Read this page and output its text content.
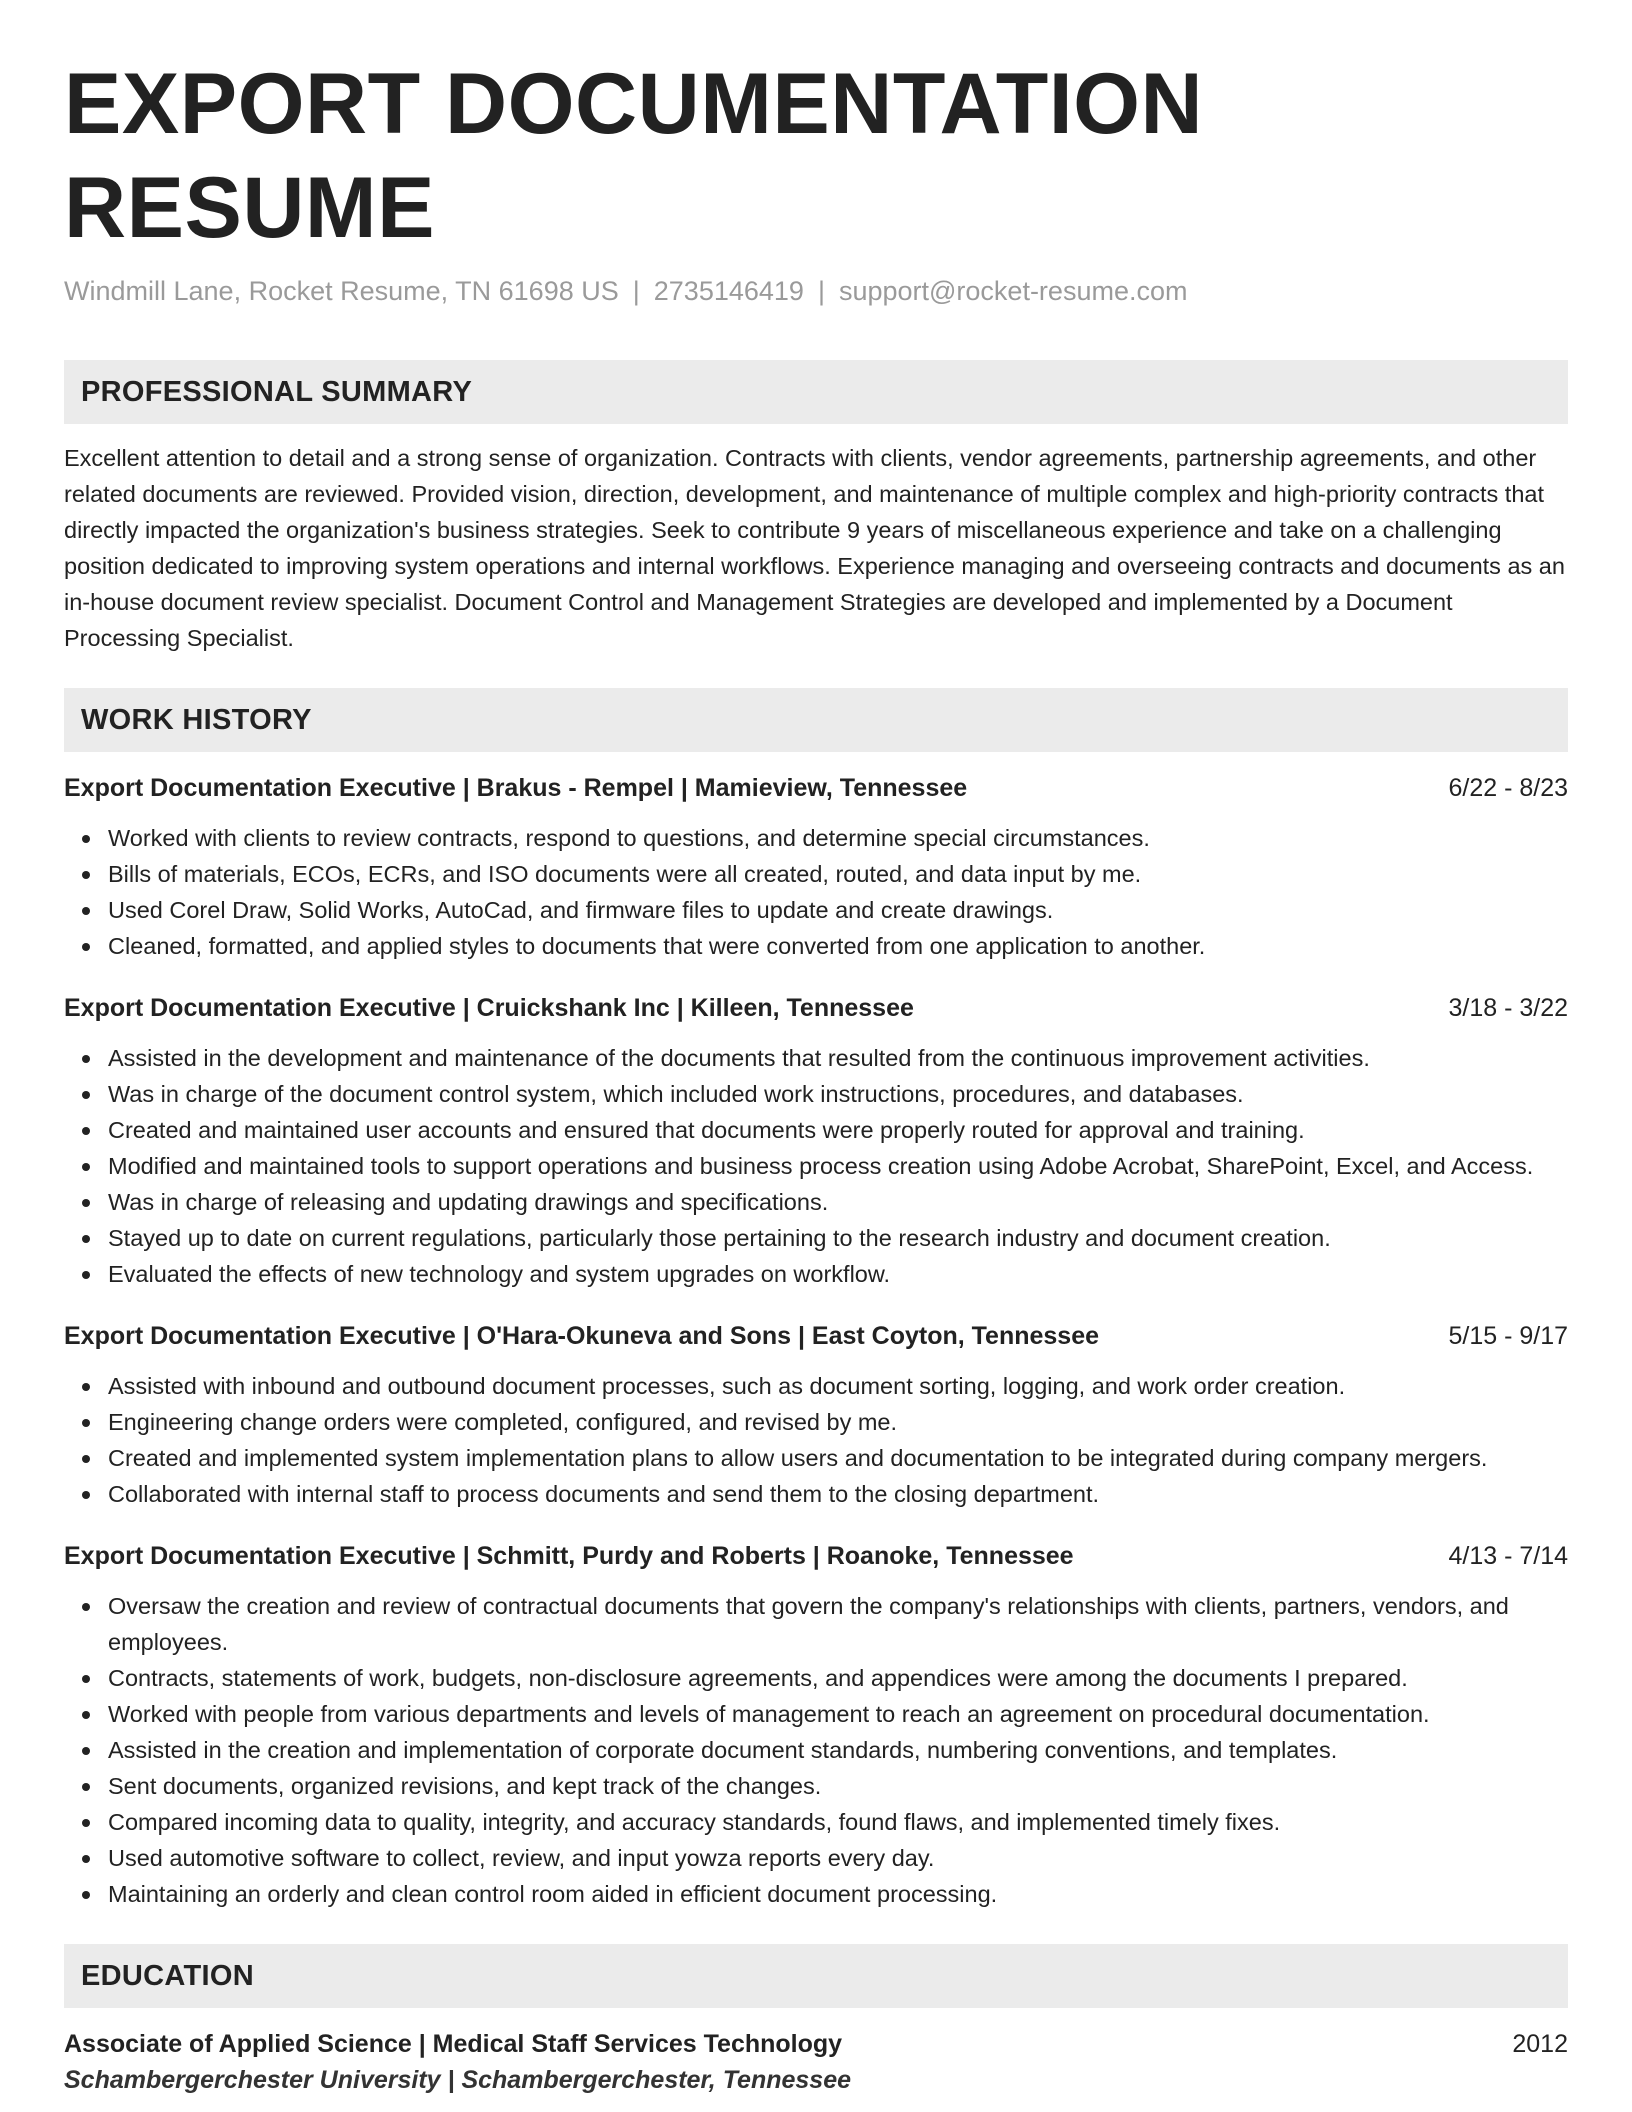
EXPORT DOCUMENTATION RESUME
Windmill Lane, Rocket Resume, TN 61698 US | 2735146419 | support@rocket-resume.com
PROFESSIONAL SUMMARY

Excellent attention to detail and a strong sense of organization. Contracts with clients, vendor agreements, partnership agreements, and other related documents are reviewed. Provided vision, direction, development, and maintenance of multiple complex and high-priority contracts that directly impacted the organization's business strategies. Seek to contribute 9 years of miscellaneous experience and take on a challenging position dedicated to improving system operations and internal workflows. Experience managing and overseeing contracts and documents as an in-house document review specialist. Document Control and Management Strategies are developed and implemented by a Document Processing Specialist.

WORK HISTORY
Export Documentation Executive | Brakus - Rempel | Mamieview, Tennessee	6/22 - 8/23
Worked with clients to review contracts, respond to questions, and determine special circumstances.
Bills of materials, ECOs, ECRs, and ISO documents were all created, routed, and data input by me.
Used Corel Draw, Solid Works, AutoCad, and firmware files to update and create drawings.
Cleaned, formatted, and applied styles to documents that were converted from one application to another.
Export Documentation Executive | Cruickshank Inc | Killeen, Tennessee	3/18 - 3/22
Assisted in the development and maintenance of the documents that resulted from the continuous improvement activities.
Was in charge of the document control system, which included work instructions, procedures, and databases.
Created and maintained user accounts and ensured that documents were properly routed for approval and training.
Modified and maintained tools to support operations and business process creation using Adobe Acrobat, SharePoint, Excel, and Access.
Was in charge of releasing and updating drawings and specifications.
Stayed up to date on current regulations, particularly those pertaining to the research industry and document creation.
Evaluated the effects of new technology and system upgrades on workflow.
Export Documentation Executive | O'Hara-Okuneva and Sons | East Coyton, Tennessee	5/15 - 9/17
Assisted with inbound and outbound document processes, such as document sorting, logging, and work order creation.
Engineering change orders were completed, configured, and revised by me.
Created and implemented system implementation plans to allow users and documentation to be integrated during company mergers.
Collaborated with internal staff to process documents and send them to the closing department.
Export Documentation Executive | Schmitt, Purdy and Roberts | Roanoke, Tennessee	4/13 - 7/14
Oversaw the creation and review of contractual documents that govern the company's relationships with clients, partners, vendors, and employees.
Contracts, statements of work, budgets, non-disclosure agreements, and appendices were among the documents I prepared.
Worked with people from various departments and levels of management to reach an agreement on procedural documentation.
Assisted in the creation and implementation of corporate document standards, numbering conventions, and templates.
Sent documents, organized revisions, and kept track of the changes.
Compared incoming data to quality, integrity, and accuracy standards, found flaws, and implemented timely fixes.
Used automotive software to collect, review, and input yowza reports every day.
Maintaining an orderly and clean control room aided in efficient document processing.
EDUCATION
Associate of Applied Science | Medical Staff Services Technology	2012
Schambergerchester University | Schambergerchester, Tennessee
